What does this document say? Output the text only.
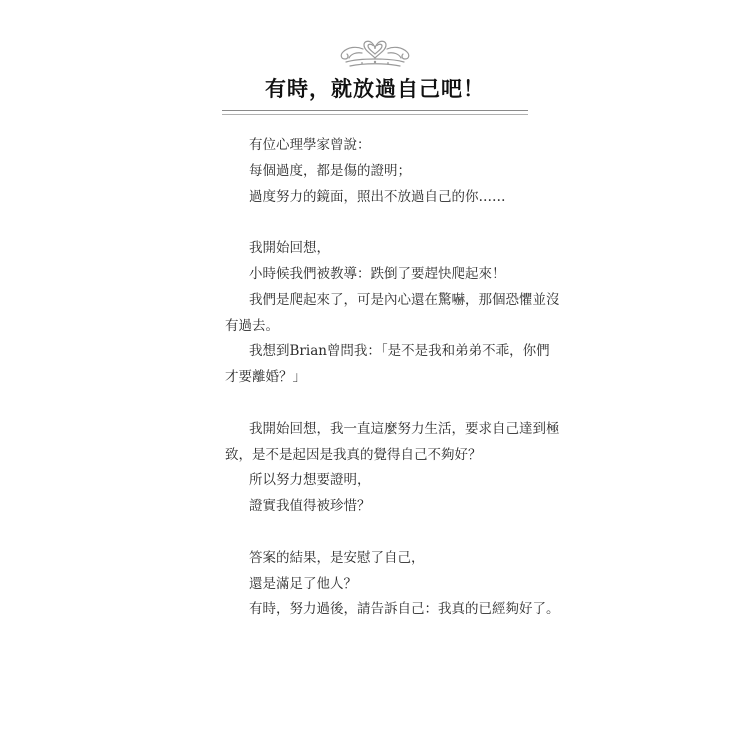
有時，就放過自己吧！
有位心理學家曾說：
每個過度，都是傷的證明；
過度努力的鏡面，照出不放過自己的你……
我開始回想，
小時候我們被教導：跌倒了要趕快爬起來！
我們是爬起來了，可是內心還在驚嚇，那個恐懼並沒
有過去。
我想到Brian曾問我：「是不是我和弟弟不乖，你們
才要離婚？」
我開始回想，我一直這麼努力生活，要求自己達到極
致，是不是起因是我真的覺得自己不夠好？
所以努力想要證明，
證實我值得被珍惜？
答案的結果，是安慰了自己，
還是滿足了他人？
有時，努力過後，請告訴自己：我真的已經夠好了。
